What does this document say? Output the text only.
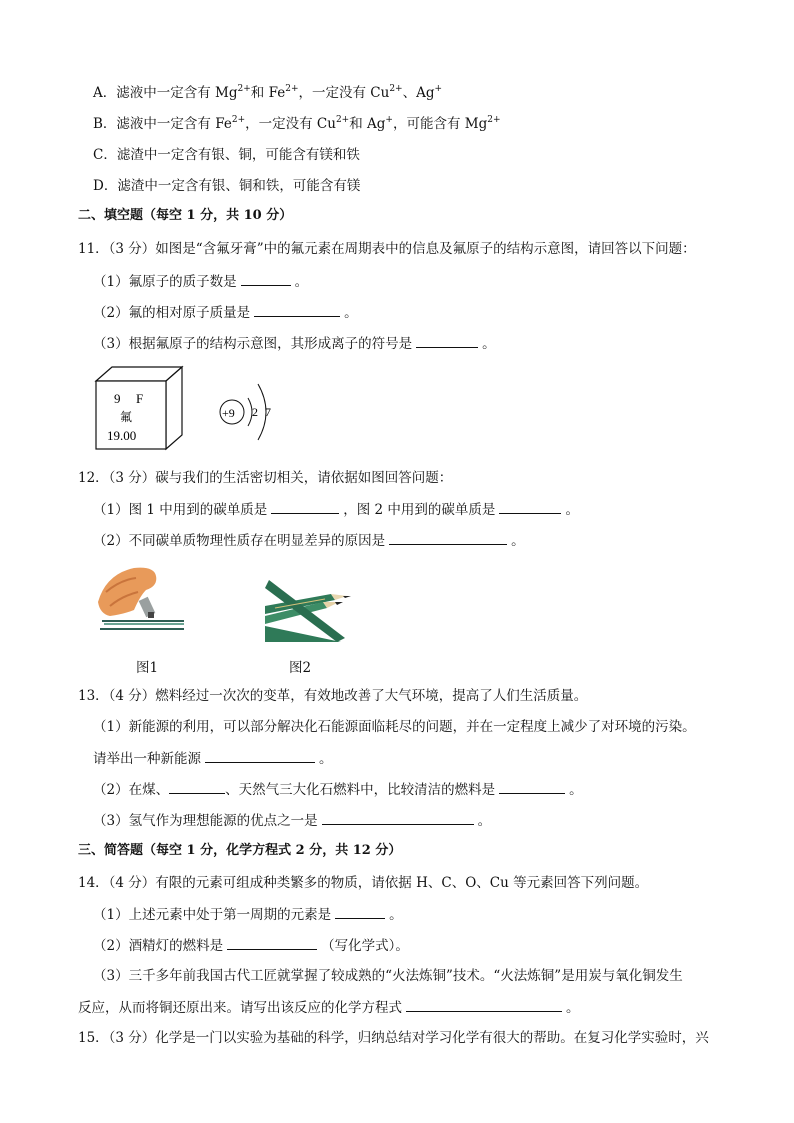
A．滤液中一定含有 $Mg^{2+}$和 $Fe^{2+}$，一定没有 $Cu^{2+}$、Ag+
B．滤液中一定含有 $Fe^{2+}$，一定没有 $Cu^{2+}$和 Ag+，可能含有 $Mg^{2+}$
C．滤渣中一定含有银、铜，可能含有镁和铁
D．滤渣中一定含有银、铜和铁，可能含有镁
二、填空题（每空 1 分，共 10 分）
11．（3 分）如图是“含氟牙膏”中的氟元素在周期表中的信息及氟原子的结构示意图，请回答以下问题：
（1）氟原子的质子数是	。
（2）氟的相对原子质量是	。
（3）根据氟原子的结构示意图，其形成离子的符号是	。
9 F
氟
19.00
+9 2 7
12．（3 分）碳与我们的生活密切相关，请依据如图回答问题：
（1）图 1 中用到的碳单质是	，图 2 中用到的碳单质是	。
（2）不同碳单质物理性质存在明显差异的原因是	。
图1	图2
13．（4 分）燃料经过一次次的变革，有效地改善了大气环境，提高了人们生活质量。
（1）新能源的利用，可以部分解决化石能源面临耗尽的问题，并在一定程度上减少了对环境的污染。
请举出一种新能源	。
（2）在煤、	、天然气三大化石燃料中，比较清洁的燃料是	。
（3）氢气作为理想能源的优点之一是	。
三、简答题（每空 1 分，化学方程式 2 分，共 12 分）
14．（4 分）有限的元素可组成种类繁多的物质，请依据 H、C、O、Cu 等元素回答下列问题。
（1）上述元素中处于第一周期的元素是	。
（2）酒精灯的燃料是	（写化学式）。
（3）三千多年前我国古代工匠就掌握了较成熟的“火法炼铜”技术。“火法炼铜”是用炭与氧化铜发生
反应，从而将铜还原出来。请写出该反应的化学方程式	。
15．（3 分）化学是一门以实验为基础的科学，归纳总结对学习化学有很大的帮助。在复习化学实验时，兴
